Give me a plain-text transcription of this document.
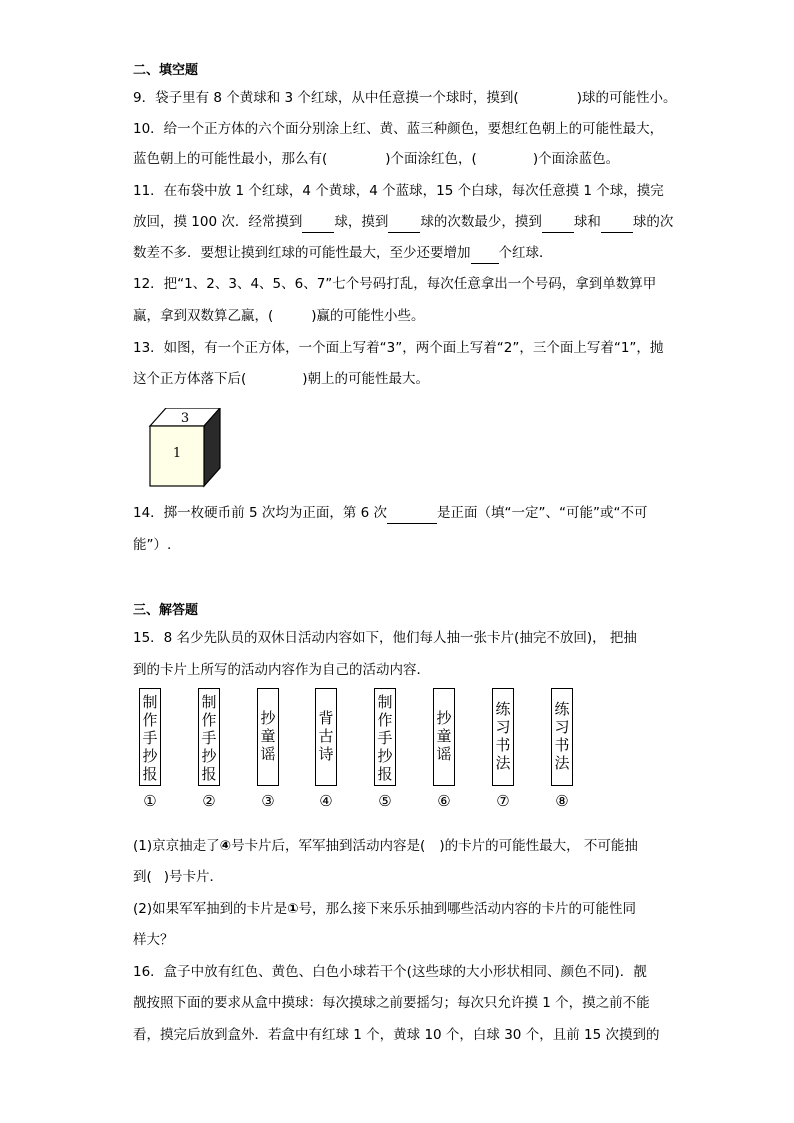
二、填空题
9．袋子里有 8 个黄球和 3 个红球，从中任意摸一个球时，摸到(	)球的可能性小。
10．给一个正方体的六个面分别涂上红、黄、蓝三种颜色，要想红色朝上的可能性最大，
蓝色朝上的可能性最小，那么有(	)个面涂红色，(	)个面涂蓝色。
11．在布袋中放 1 个红球，4 个黄球，4 个蓝球，15 个白球，每次任意摸 1 个球，摸完
放回，摸 100 次．经常摸到 球，摸到 球的次数最少，摸到 球和 球的次
数差不多．要想让摸到红球的可能性最大，至少还要增加 个红球．
12．把“1、2、3、4、5、6、7”七个号码打乱，每次任意拿出一个号码，拿到单数算甲
赢，拿到双数算乙赢，(	)赢的可能性小些。
13．如图，有一个正方体，一个面上写着“3”，两个面上写着“2”，三个面上写着“1”，抛
这个正方体落下后(	)朝上的可能性最大。
3
1
14．掷一枚硬币前 5 次均为正面，第 6 次	是正面（填“一定”、“可能”或“不可
能”）.
三、解答题
15．8 名少先队员的双休日活动内容如下，他们每人抽一张卡片(抽完不放回)， 把抽
到的卡片上所写的活动内容作为自己的活动内容．
制
作
手
抄
报
①
制
作
手
抄
报
②
抄
童
谣
③
背
古
诗
④
制
作
手
抄
报
⑤
抄
童
谣
⑥
练
习
书
法
⑦
练
习
书
法
⑧
(1)京京抽走了④号卡片后，军军抽到活动内容是( )的卡片的可能性最大， 不可能抽
到( )号卡片．
(2)如果军军抽到的卡片是①号，那么接下来乐乐抽到哪些活动内容的卡片的可能性同
样大？
16．盒子中放有红色、黄色、白色小球若干个(这些球的大小形状相同、颜色不同)．靓
靓按照下面的要求从盒中摸球：每次摸球之前要摇匀；每次只允许摸 1 个，摸之前不能
看，摸完后放到盒外．若盒中有红球 1 个，黄球 10 个，白球 30 个，且前 15 次摸到的
